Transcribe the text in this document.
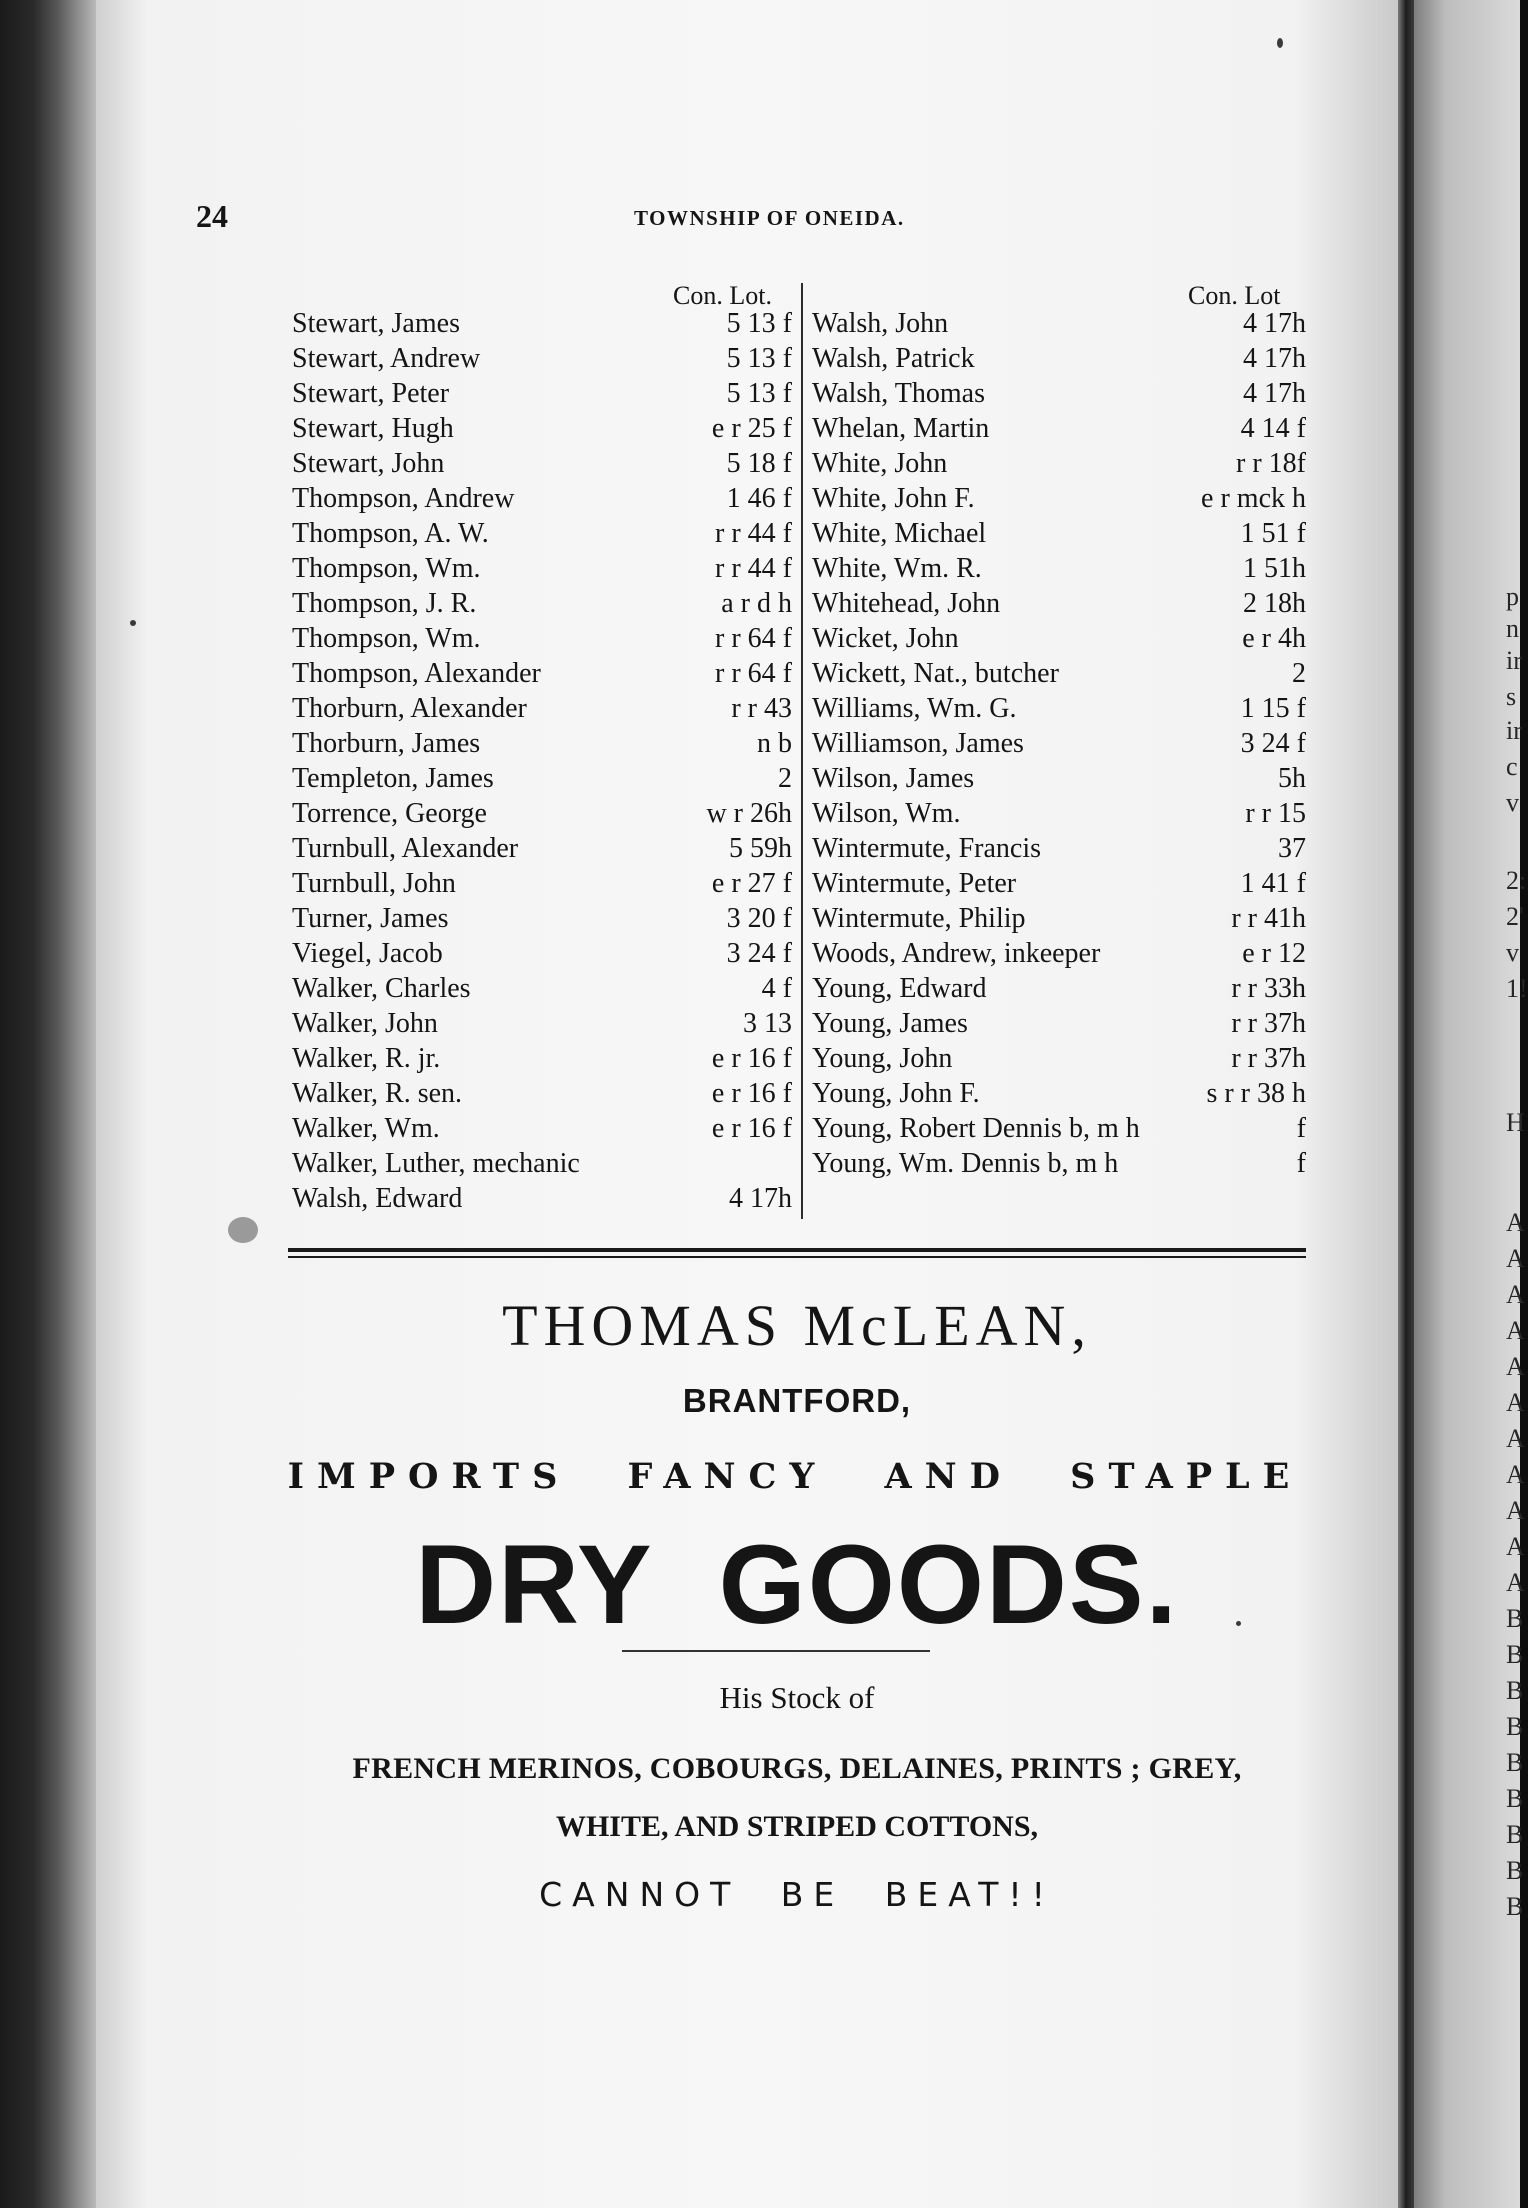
24	TOWNSHIP OF ONEIDA.
Con. Lot.	Con. Lot
Stewart, James	5 13 f
Stewart, Andrew	5 13 f
Stewart, Peter	5 13 f
Stewart, Hugh	e r 25 f
Stewart, John	5 18 f
Thompson, Andrew	1 46 f
Thompson, A. W.	r r 44 f
Thompson, Wm.	r r 44 f
Thompson, J. R.	a r d h
Thompson, Wm.	r r 64 f
Thompson, Alexander	r r 64 f
Thorburn, Alexander	r r 43
Thorburn, James	n b
Templeton, James	2
Torrence, George	w r 26h
Turnbull, Alexander	5 59h
Turnbull, John	e r 27 f
Turner, James	3 20 f
Viegel, Jacob	3 24 f
Walker, Charles	4 f
Walker, John	3 13
Walker, R. jr.	e r 16 f
Walker, R. sen.	e r 16 f
Walker, Wm.	e r 16 f
Walker, Luther, mechanic
Walsh, Edward	4 17h
Walsh, John	4 17h
Walsh, Patrick	4 17h
Walsh, Thomas	4 17h
Whelan, Martin	4 14 f
White, John	r r 18f
White, John F.	e r mck h
White, Michael	1 51 f
White, Wm. R.	1 51h
Whitehead, John	2 18h
Wicket, John	e r 4h
Wickett, Nat., butcher	2
Williams, Wm. G.	1 15 f
Williamson, James	3 24 f
Wilson, James	5h
Wilson, Wm.	r r 15
Wintermute, Francis	37
Wintermute, Peter	1 41 f
Wintermute, Philip	r r 41h
Woods, Andrew, inkeeper	e r 12
Young, Edward	r r 33h
Young, James	r r 37h
Young, John	r r 37h
Young, John F.	s r r 38 h
Young, Robert Dennis b, m h	f
Young, Wm. Dennis b, m h	f
THOMAS McLEAN,
BRANTFORD,
IMPORTS FANCY AND STAPLE
DRY GOODS.
His Stock of
FRENCH MERINOS, COBOURGS, DELAINES, PRINTS ; GREY,
WHITE, AND STRIPED COTTONS,
CANNOT BE BEAT!!
p
n
ir
s
ir
c
v
2:
2'
v
1!
H
A
A
A
A
A
A
A
A
A
A
A
B
B
B
B
B
B
B
B
B
